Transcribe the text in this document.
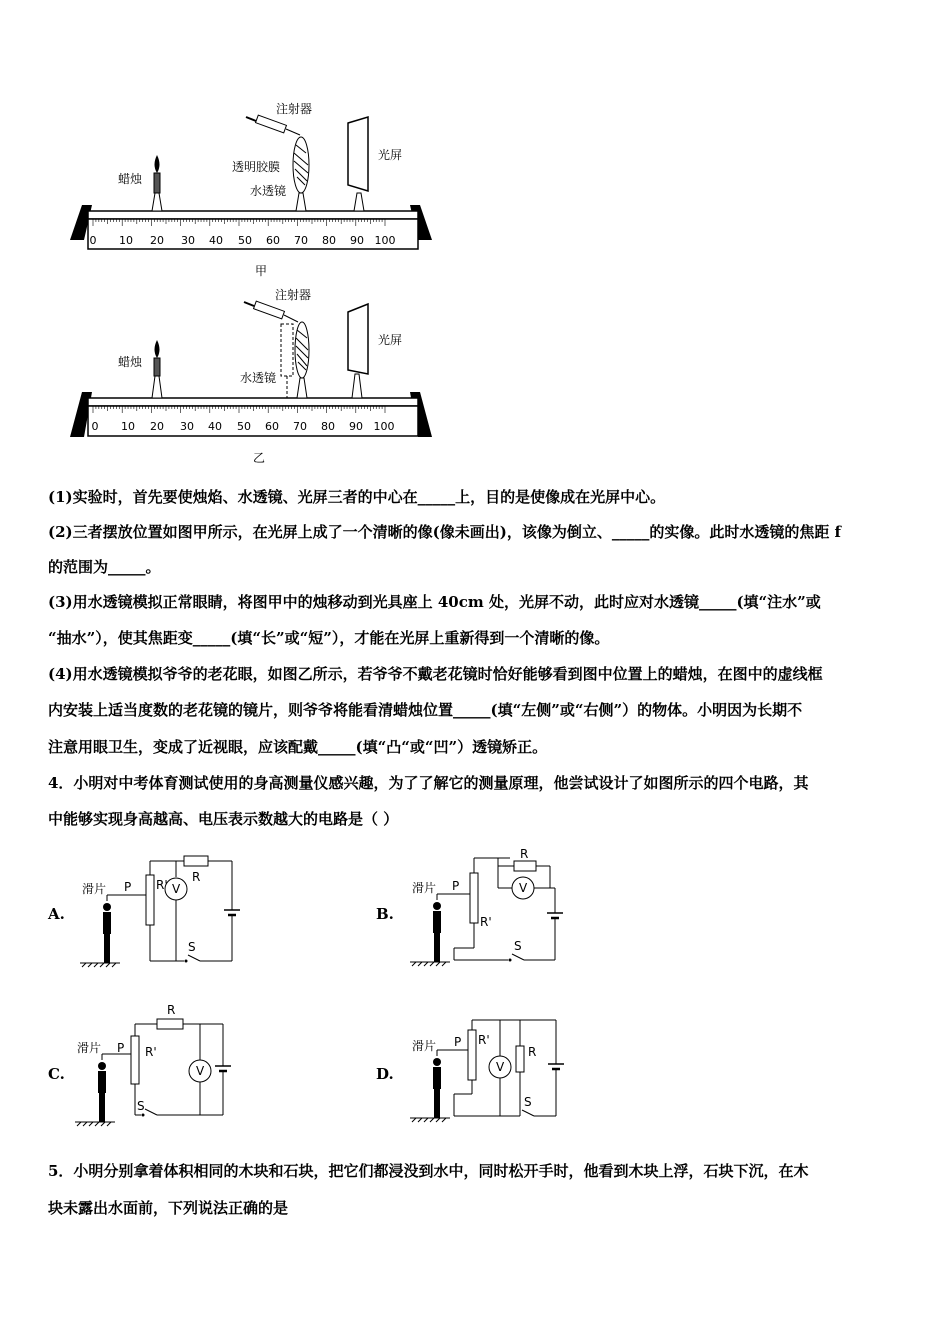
0 10 20 30 40 50 60 70 80 90 100
注射器
透明胶膜
蜡烛
水透镜
光屏
甲
0 10 20 30 40 50 60 70 80 90 100
注射器
蜡烛
水透镜
光屏
乙
(1)实验时，首先要使烛焰、水透镜、光屏三者的中心在_____上，目的是使像成在光屏中心。
(2)三者摆放位置如图甲所示，在光屏上成了一个清晰的像(像未画出)，该像为倒立、_____的实像。此时水透镜的焦距 f
的范围为_____。
(3)用水透镜模拟正常眼睛，将图甲中的烛移动到光具座上 40cm 处，光屏不动，此时应对水透镜_____(填“注水”或
“抽水”），使其焦距变_____(填“长”或“短”），才能在光屏上重新得到一个清晰的像。
(4)用水透镜模拟爷爷的老花眼，如图乙所示，若爷爷不戴老花镜时恰好能够看到图中位置上的蜡烛，在图中的虚线框
内安装上适当度数的老花镜的镜片，则爷爷将能看清蜡烛位置_____(填“左侧”或“右侧”）的物体。小明因为长期不
注意用眼卫生，变成了近视眼，应该配戴_____(填“凸“或“凹”）透镜矫正。
4．小明对中考体育测试使用的身高测量仪感兴趣，为了了解它的测量原理，他尝试设计了如图所示的四个电路，其
中能够实现身高越高、电压表示数越大的电路是（ ）
A.
滑片 P R'
R
V
S
B.
滑片 P
R'
R
V
S
C.
滑片 P R'
R
V
S
D.
滑片 P R'
R
V
S
5．小明分别拿着体积相同的木块和石块，把它们都浸没到水中，同时松开手时，他看到木块上浮，石块下沉，在木
块未露出水面前，下列说法正确的是
